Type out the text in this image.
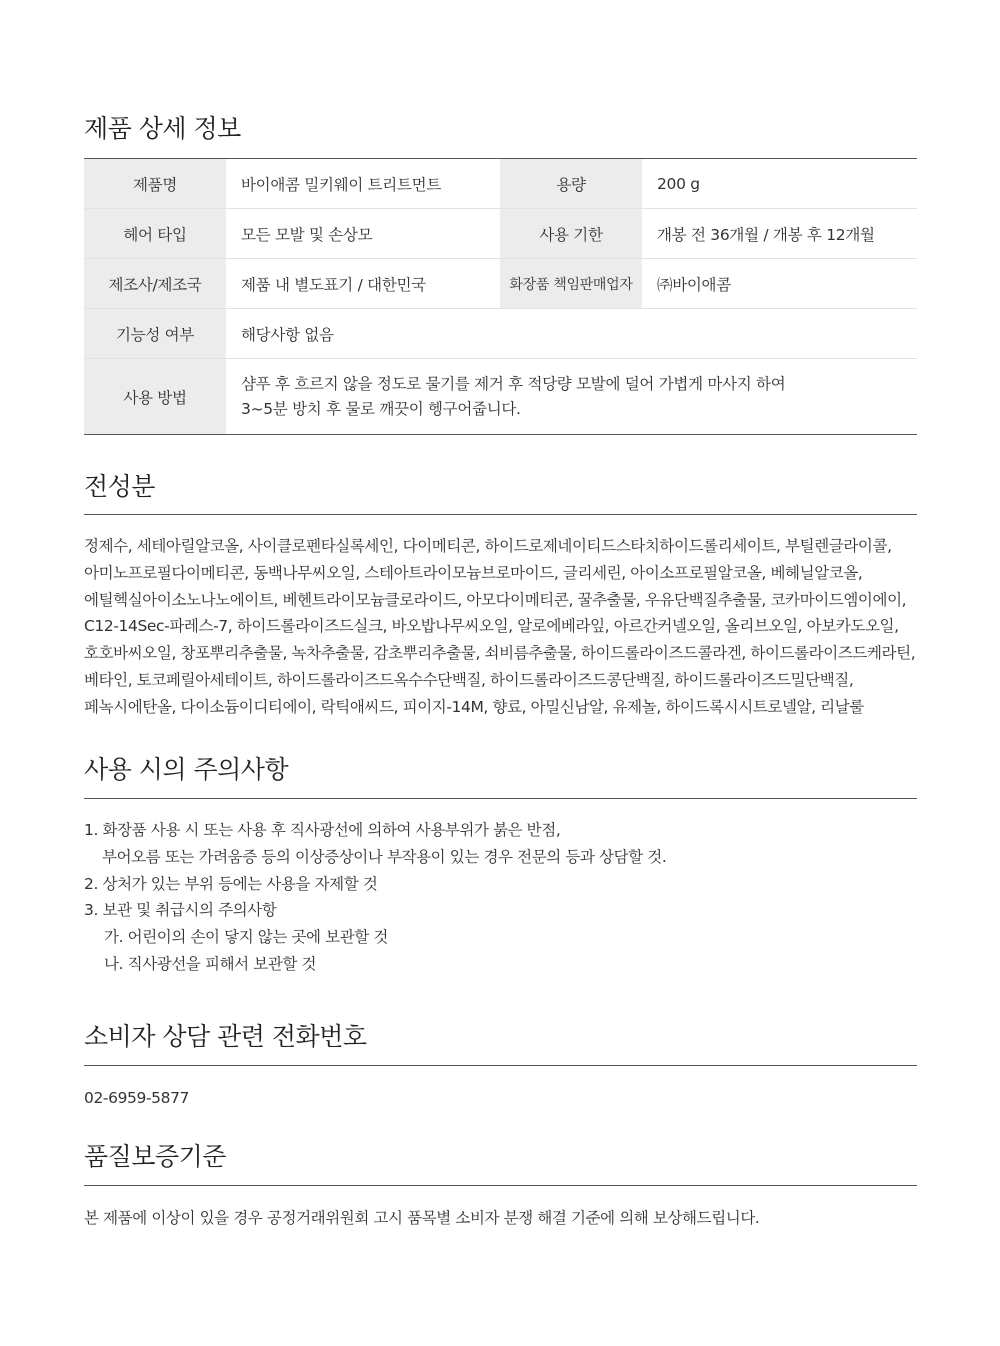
제품 상세 정보
제품명	바이애콤 밀키웨이 트리트먼트	용량	200 g
헤어 타입	모든 모발 및 손상모	사용 기한	개봉 전 36개월 / 개봉 후 12개월
제조사/제조국	제품 내 별도표기 / 대한민국	화장품 책임판매업자	㈜바이애콤
기능성 여부	해당사항 없음		
사용 방법	샴푸 후 흐르지 않을 정도로 물기를 제거 후 적당량 모발에 덜어 가볍게 마사지 하여
3~5분 방치 후 물로 깨끗이 헹구어줍니다.		
전성분
정제수, 세테아릴알코올, 사이클로펜타실록세인, 다이메티콘, 하이드로제네이티드스타치하이드롤리세이트, 부틸렌글라이콜,
아미노프로필다이메티콘, 동백나무씨오일, 스테아트라이모늄브로마이드, 글리세린, 아이소프로필알코올, 베헤닐알코올,
에틸헥실아이소노나노에이트, 베헨트라이모늄클로라이드, 아모다이메티콘, 꿀추출물, 우유단백질추출물, 코카마이드엠이에이,
C12-14Sec-파레스-7, 하이드롤라이즈드실크, 바오밥나무씨오일, 알로에베라잎, 아르간커넬오일, 올리브오일, 아보카도오일,
호호바씨오일, 창포뿌리추출물, 녹차추출물, 감초뿌리추출물, 쇠비름추출물, 하이드롤라이즈드콜라겐, 하이드롤라이즈드케라틴,
베타인, 토코페릴아세테이트, 하이드롤라이즈드옥수수단백질, 하이드롤라이즈드콩단백질, 하이드롤라이즈드밀단백질,
페녹시에탄올, 다이소듐이디티에이, 락틱애씨드, 피이지-14M, 향료, 아밀신남알, 유제놀, 하이드록시시트로넬알, 리날룰
사용 시의 주의사항
1. 화장품 사용 시 또는 사용 후 직사광선에 의하여 사용부위가 붉은 반점,
부어오름 또는 가려움증 등의 이상증상이나 부작용이 있는 경우 전문의 등과 상담할 것.
2. 상처가 있는 부위 등에는 사용을 자제할 것
3. 보관 및 취급시의 주의사항
가. 어린이의 손이 닿지 않는 곳에 보관할 것
나. 직사광선을 피해서 보관할 것
소비자 상담 관련 전화번호
02-6959-5877
품질보증기준
본 제품에 이상이 있을 경우 공정거래위원회 고시 품목별 소비자 분쟁 해결 기준에 의해 보상해드립니다.
